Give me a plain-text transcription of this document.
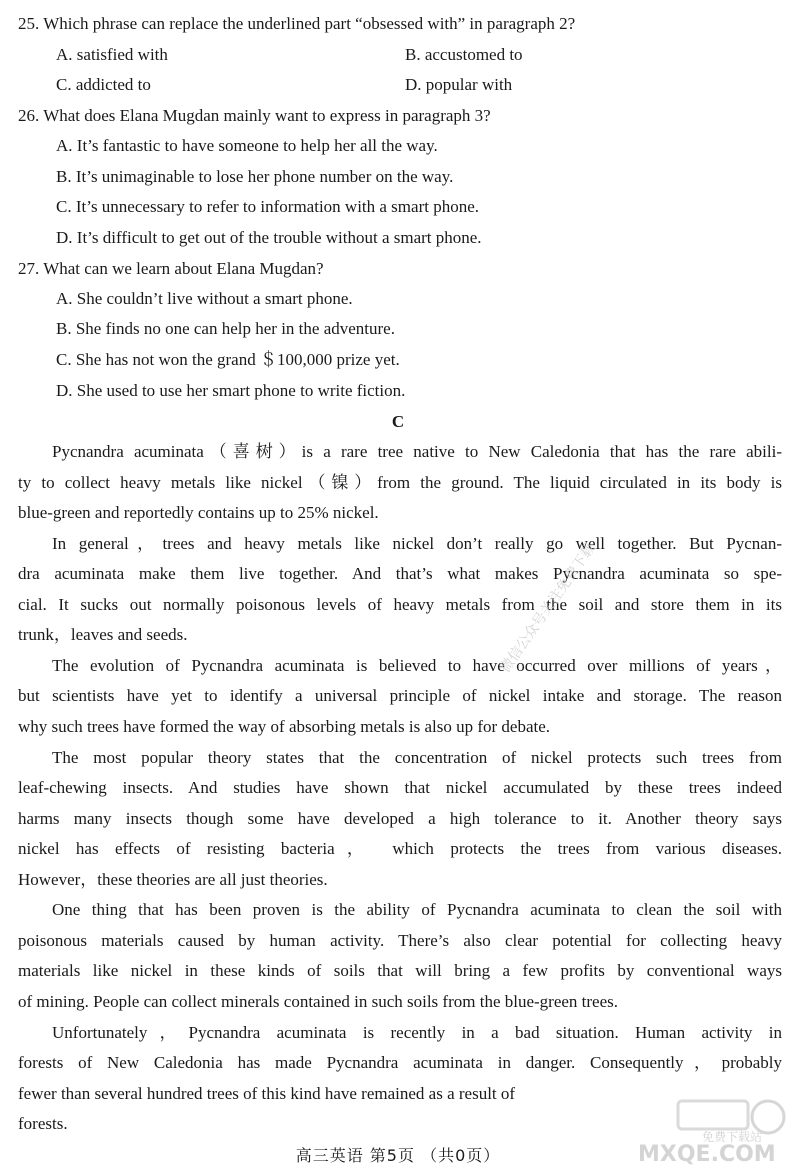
25. Which phrase can replace the underlined part “obsessed with” in paragraph 2?
A. satisfied with	B. accustomed to
C. addicted to	D. popular with
26. What does Elana Mugdan mainly want to express in paragraph 3?
A. It’s fantastic to have someone to help her all the way.
B. It’s unimaginable to lose her phone number on the way.
C. It’s unnecessary to refer to information with a smart phone.
D. It’s difficult to get out of the trouble without a smart phone.
27. What can we learn about Elana Mugdan?
A. She couldn’t live without a smart phone.
B. She finds no one can help her in the adventure.
C. She has not won the grand ＄100,000 prize yet.
D. She used to use her smart phone to write fiction.
C
Pycnandra acuminata（喜树）is a rare tree native to New Caledonia that has the rare abili-
ty to collect heavy metals like nickel（镍）from the ground. The liquid circulated in its body is
blue-green and reportedly contains up to 25% nickel.
In general，trees and heavy metals like nickel don’t really go well together. But Pycnan-
dra acuminata make them live together. And that’s what makes Pycnandra acuminata so spe-
cial. It sucks out normally poisonous levels of heavy metals from the soil and store them in its
trunk，leaves and seeds.
The evolution of Pycnandra acuminata is believed to have occurred over millions of years，
but scientists have yet to identify a universal principle of nickel intake and storage. The reason
why such trees have formed the way of absorbing metals is also up for debate.
The most popular theory states that the concentration of nickel protects such trees from
leaf-chewing insects. And studies have shown that nickel accumulated by these trees indeed
harms many insects though some have developed a high tolerance to it. Another theory says
nickel has effects of resisting bacteria， which protects the trees from various diseases.
However，these theories are all just theories.
One thing that has been proven is the ability of Pycnandra acuminata to clean the soil with
poisonous materials caused by human activity. There’s also clear potential for collecting heavy
materials like nickel in these kinds of soils that will bring a few profits by conventional ways
of mining. People can collect minerals contained in such soils from the blue-green trees.
Unfortunately，Pycnandra acuminata is recently in a bad situation. Human activity in
forests of New Caledonia has made Pycnandra acuminata in danger. Consequently，probably
fewer than several hundred trees of this kind have remained as a result of
forests.
高三英语 第5页 （共0页）
微信公众号关注免费下载
免费下载站
MXQE.COM
